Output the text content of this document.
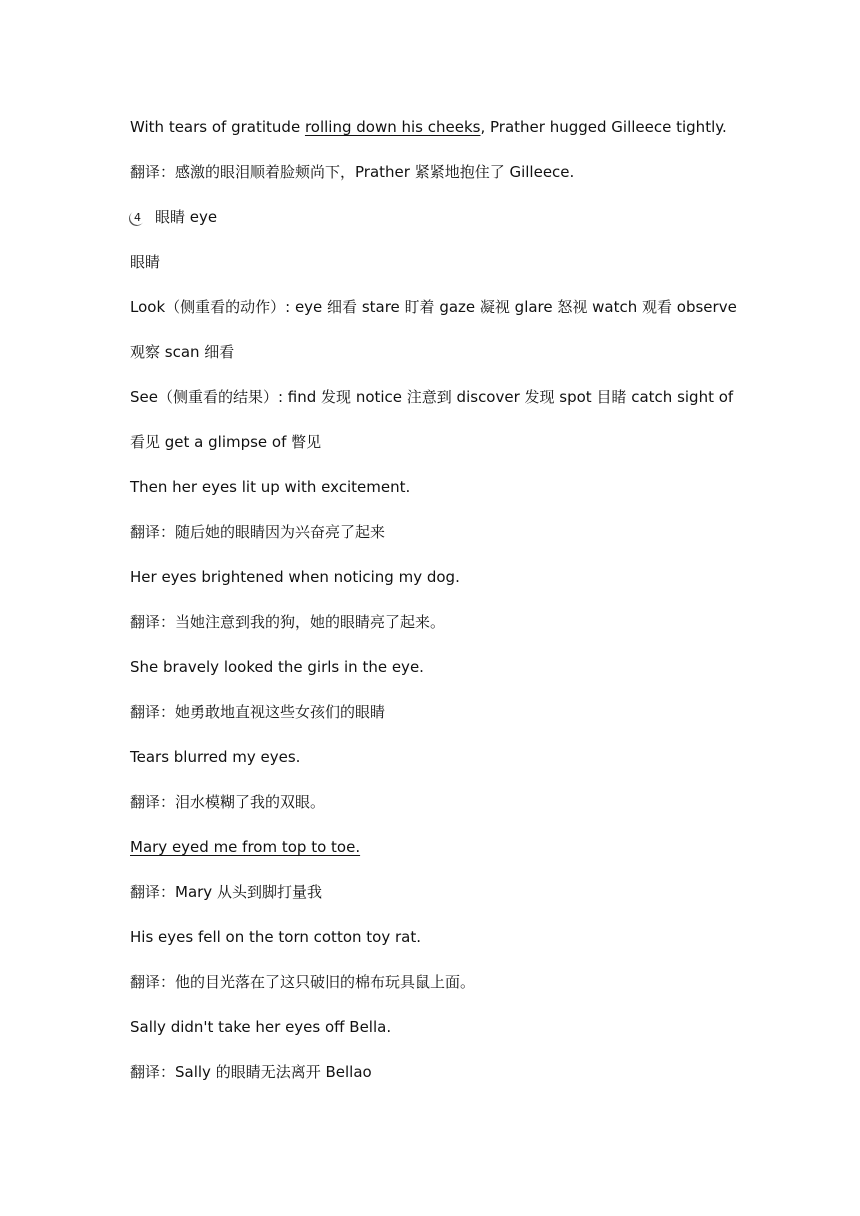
With tears of gratitude rolling down his cheeks, Prather hugged Gilleece tightly.
翻译：感激的眼泪顺着脸颊尚下，Prather 紧紧地抱住了 Gilleece.
4 眼睛 eye
眼睛
Look（侧重看的动作）: eye 细看 stare 盯着 gaze 凝视 glare 怒视 watch 观看 observe
观察 scan 细看
See（侧重看的结果）: find 发现 notice 注意到 discover 发现 spot 目睹 catch sight of
看见 get a glimpse of 瞥见
Then her eyes lit up with excitement.
翻译：随后她的眼睛因为兴奋亮了起来
Her eyes brightened when noticing my dog.
翻译：当她注意到我的狗，她的眼睛亮了起来。
She bravely looked the girls in the eye.
翻译：她勇敢地直视这些女孩们的眼睛
Tears blurred my eyes.
翻译：泪水模糊了我的双眼。
Mary eyed me from top to toe.
翻译：Mary 从头到脚打量我
His eyes fell on the torn cotton toy rat.
翻译：他的目光落在了这只破旧的棉布玩具鼠上面。
Sally didn't take her eyes off Bella.
翻译：Sally 的眼睛无法离开 Bellao
